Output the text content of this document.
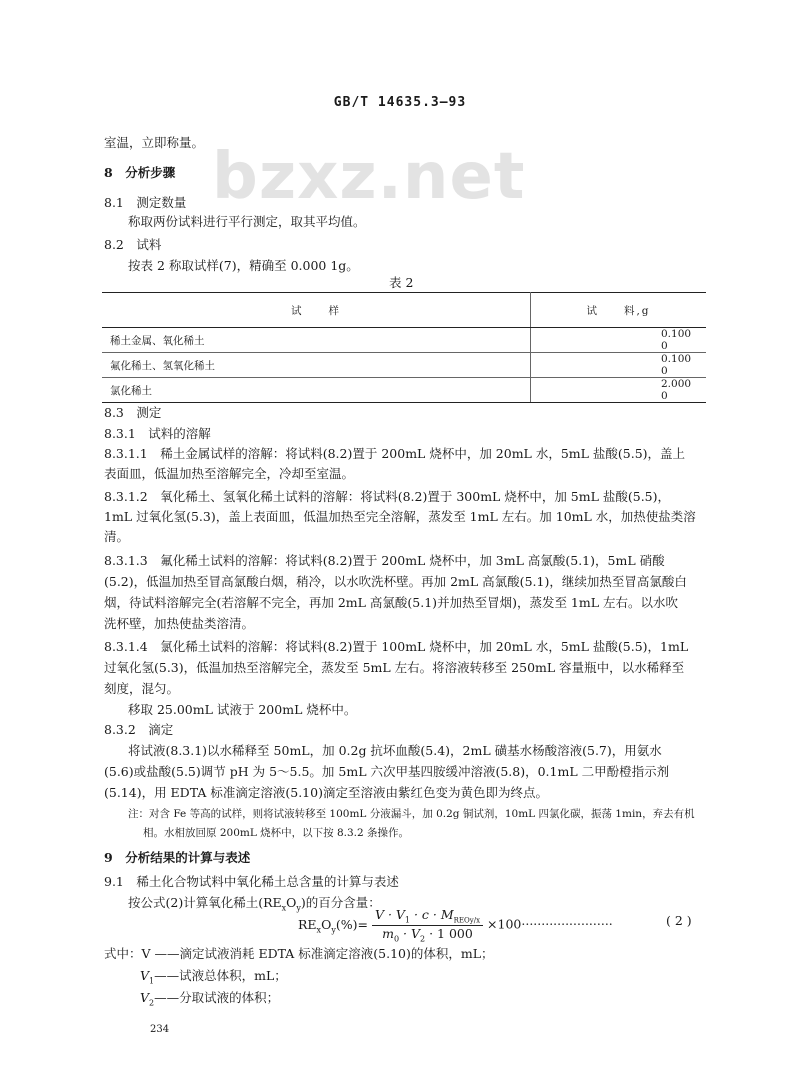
GB/T 14635.3—93
bzxz.net
室温，立即称量。
8　分析步骤
8.1　测定数量
称取两份试料进行平行测定，取其平均值。
8.2　试料
按表 2 称取试样(7)，精确至 0.000 1g。
表 2
试　　样	试　　料,g
稀土金属、氧化稀土	0.100 0
氟化稀土、氢氧化稀土	0.100 0
氯化稀土	2.000 0
8.3　测定
8.3.1　试料的溶解
8.3.1.1　稀土金属试样的溶解：将试料(8.2)置于 200mL 烧杯中，加 20mL 水，5mL 盐酸(5.5)，盖上
表面皿，低温加热至溶解完全，冷却至室温。
8.3.1.2　氧化稀土、氢氧化稀土试料的溶解：将试料(8.2)置于 300mL 烧杯中，加 5mL 盐酸(5.5)，
1mL 过氧化氢(5.3)，盖上表面皿，低温加热至完全溶解，蒸发至 1mL 左右。加 10mL 水，加热使盐类溶
清。
8.3.1.3　氟化稀土试料的溶解：将试料(8.2)置于 200mL 烧杯中，加 3mL 高氯酸(5.1)，5mL 硝酸
(5.2)，低温加热至冒高氯酸白烟，稍冷，以水吹洗杯壁。再加 2mL 高氯酸(5.1)，继续加热至冒高氯酸白
烟，待试料溶解完全(若溶解不完全，再加 2mL 高氯酸(5.1)并加热至冒烟)，蒸发至 1mL 左右。以水吹
洗杯壁，加热使盐类溶清。
8.3.1.4　氯化稀土试料的溶解：将试料(8.2)置于 100mL 烧杯中，加 20mL 水，5mL 盐酸(5.5)，1mL
过氧化氢(5.3)，低温加热至溶解完全，蒸发至 5mL 左右。将溶液转移至 250mL 容量瓶中，以水稀释至
刻度，混匀。
移取 25.00mL 试液于 200mL 烧杯中。
8.3.2　滴定
将试液(8.3.1)以水稀释至 50mL，加 0.2g 抗坏血酸(5.4)，2mL 磺基水杨酸溶液(5.7)，用氨水
(5.6)或盐酸(5.5)调节 pH 为 5～5.5。加 5mL 六次甲基四胺缓冲溶液(5.8)，0.1mL 二甲酚橙指示剂
(5.14)，用 EDTA 标准滴定溶液(5.10)滴定至溶液由紫红色变为黄色即为终点。
注：对含 Fe 等高的试样，则将试液转移至 100mL 分液漏斗，加 0.2g 铜试剂，10mL 四氯化碳，振荡 1min，弃去有机
相。水相放回原 200mL 烧杯中，以下按 8.3.2 条操作。
9　分析结果的计算与表述
9.1　稀土化合物试料中氧化稀土总含量的计算与表述
按公式(2)计算氧化稀土$(RE_xO_y)$的百分含量：
$RE_xO_y(\%)= \frac{V \cdot V_1 \cdot c \cdot M_{REOy/x}}{m_0 \cdot V_2 \cdot 1 000} \times 100\cdot\cdot\cdot\cdot\cdot\cdot\cdot\cdot\cdot\cdot\cdot\cdot\cdot\cdot\cdot\cdot\cdot\cdot\cdot\cdot\cdot\cdot\cdot$	( 2 )
式中：V ——滴定试液消耗 EDTA 标准滴定溶液(5.10)的体积，mL；
$V_1——$试液总体积，mL；
$V_2——$分取试液的体积；
234
